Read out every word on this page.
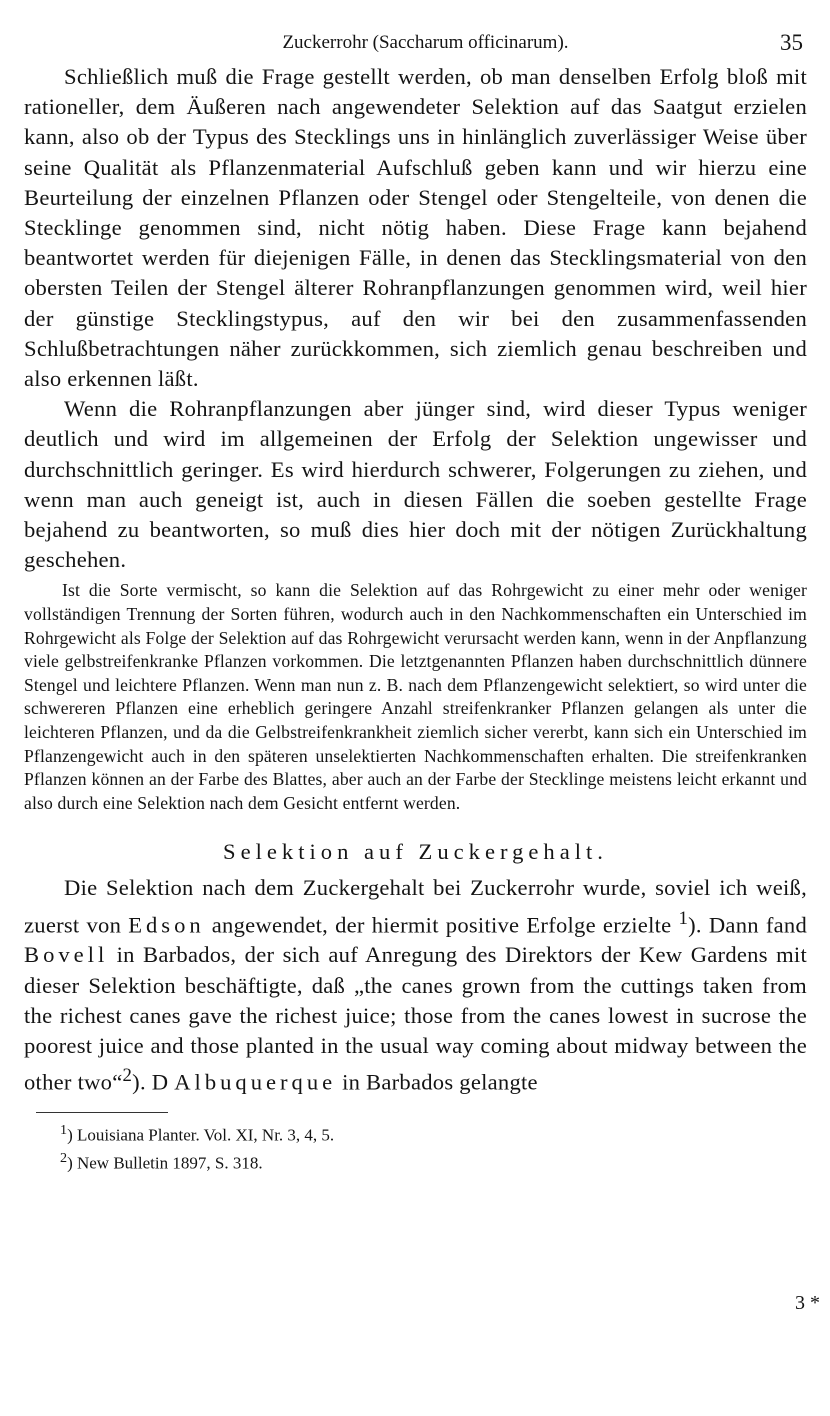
Zuckerrohr (Saccharum officinarum).	35

Schließlich muß die Frage gestellt werden, ob man denselben Erfolg bloß mit rationeller, dem Äußeren nach angewendeter Selektion auf das Saatgut erzielen kann, also ob der Typus des Stecklings uns in hinlänglich zuverlässiger Weise über seine Qualität als Pflanzenmaterial Aufschluß geben kann und wir hierzu eine Beurteilung der einzelnen Pflanzen oder Stengel oder Stengelteile, von denen die Stecklinge genommen sind, nicht nötig haben. Diese Frage kann bejahend beantwortet werden für diejenigen Fälle, in denen das Stecklingsmaterial von den obersten Teilen der Stengel älterer Rohranpflanzungen genommen wird, weil hier der günstige Stecklingstypus, auf den wir bei den zusammenfassenden Schlußbetrachtungen näher zurückkommen, sich ziemlich genau beschreiben und also erkennen läßt.

Wenn die Rohranpflanzungen aber jünger sind, wird dieser Typus weniger deutlich und wird im allgemeinen der Erfolg der Selektion ungewisser und durchschnittlich geringer. Es wird hierdurch schwerer, Folgerungen zu ziehen, und wenn man auch geneigt ist, auch in diesen Fällen die soeben gestellte Frage bejahend zu beantworten, so muß dies hier doch mit der nötigen Zurückhaltung geschehen.

Ist die Sorte vermischt, so kann die Selektion auf das Rohrgewicht zu einer mehr oder weniger vollständigen Trennung der Sorten führen, wodurch auch in den Nachkommenschaften ein Unterschied im Rohrgewicht als Folge der Selektion auf das Rohrgewicht verursacht werden kann, wenn in der Anpflanzung viele gelbstreifenkranke Pflanzen vorkommen. Die letztgenannten Pflanzen haben durchschnittlich dünnere Stengel und leichtere Pflanzen. Wenn man nun z. B. nach dem Pflanzengewicht selektiert, so wird unter die schwereren Pflanzen eine erheblich geringere Anzahl streifenkranker Pflanzen gelangen als unter die leichteren Pflanzen, und da die Gelbstreifenkrankheit ziemlich sicher vererbt, kann sich ein Unterschied im Pflanzengewicht auch in den späteren unselektierten Nachkommenschaften erhalten. Die streifenkranken Pflanzen können an der Farbe des Blattes, aber auch an der Farbe der Stecklinge meistens leicht erkannt und also durch eine Selektion nach dem Gesicht entfernt werden.

Selektion auf Zuckergehalt.

Die Selektion nach dem Zuckergehalt bei Zuckerrohr wurde, soviel ich weiß, zuerst von Edson angewendet, der hiermit positive Erfolge erzielte $^1$). Dann fand Bovell in Barbados, der sich auf Anregung des Direktors der Kew Gardens mit dieser Selektion beschäftigte, daß „the canes grown from the cuttings taken from the richest canes gave the richest juice; those from the canes lowest in sucrose the poorest juice and those planted in the usual way coming about midway between the other two“$^2$). D Albuquerque in Barbados gelangte

$^1$) Louisiana Planter. Vol. XI, Nr. 3, 4, 5.
$^2$) New Bulletin 1897, S. 318.
3 *
